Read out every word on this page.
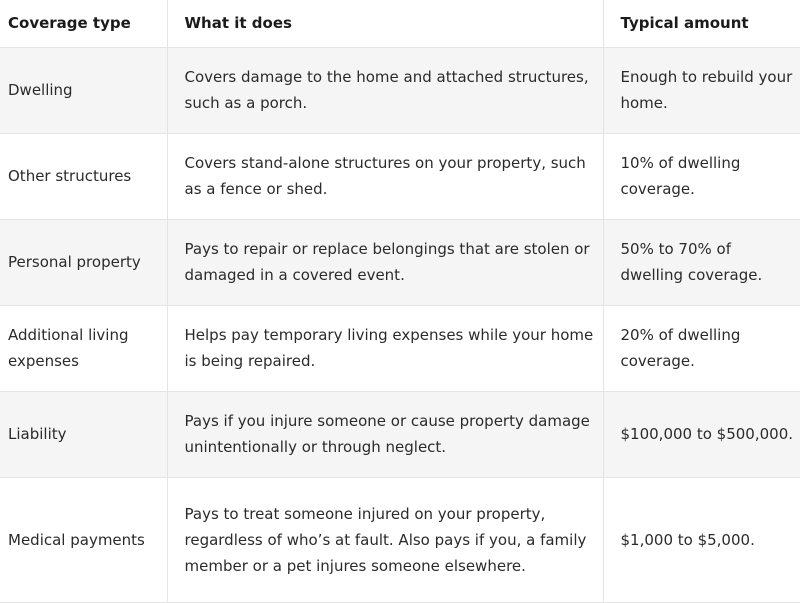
Coverage type	What it does	Typical amount
Dwelling	Covers damage to the home and attached structures, such as a porch.	Enough to rebuild your home.
Other structures	Covers stand-alone structures on your property, such as a fence or shed.	10% of dwelling coverage.
Personal property	Pays to repair or replace belongings that are stolen or damaged in a covered event.	50% to 70% of dwelling coverage.
Additional living expenses	Helps pay temporary living expenses while your home is being repaired.	20% of dwelling coverage.
Liability	Pays if you injure someone or cause property damage unintentionally or through neglect.	$100,000 to $500,000.
Medical payments	Pays to treat someone injured on your property, regardless of who’s at fault. Also pays if you, a family member or a pet injures someone elsewhere.	$1,000 to $5,000.
